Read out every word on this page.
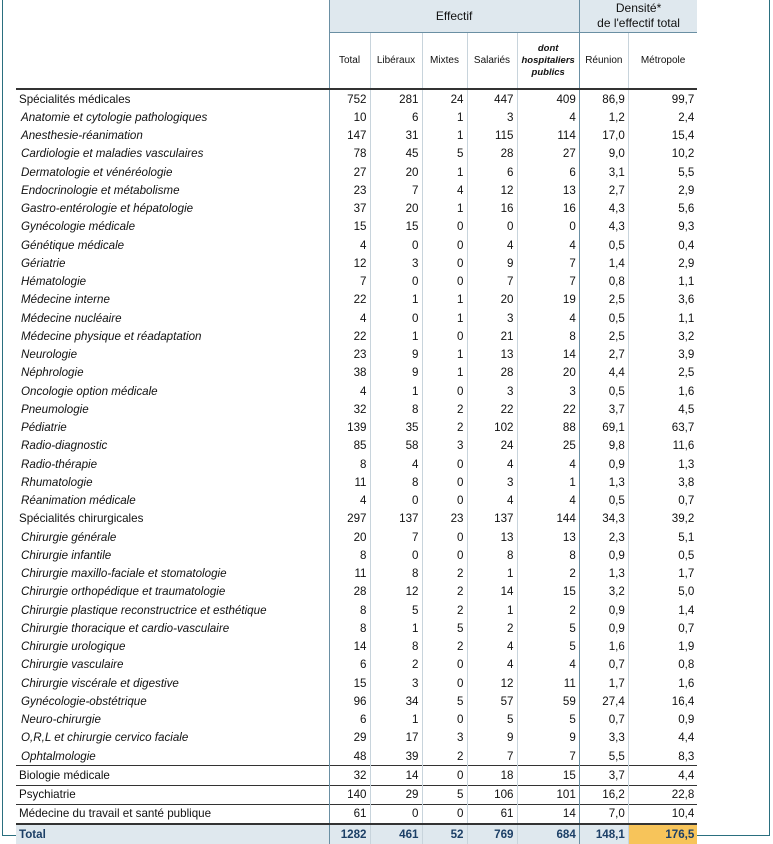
	Effectif					Densité*
de l'effectif total	

	Total	Libéraux	Mixtes	Salariés	dont hospitaliers publics	Réunion	Métropole
Spécialités médicales	752	281	24	447	409	86,9	99,7
Anatomie et cytologie pathologiques	10	6	1	3	4	1,2	2,4
Anesthesie-réanimation	147	31	1	115	114	17,0	15,4
Cardiologie et maladies vasculaires	78	45	5	28	27	9,0	10,2
Dermatologie et vénéréologie	27	20	1	6	6	3,1	5,5
Endocrinologie et métabolisme	23	7	4	12	13	2,7	2,9
Gastro-entérologie et hépatologie	37	20	1	16	16	4,3	5,6
Gynécologie médicale	15	15	0	0	0	4,3	9,3
Génétique médicale	4	0	0	4	4	0,5	0,4
Gériatrie	12	3	0	9	7	1,4	2,9
Hématologie	7	0	0	7	7	0,8	1,1
Médecine interne	22	1	1	20	19	2,5	3,6
Médecine nucléaire	4	0	1	3	4	0,5	1,1
Médecine physique et réadaptation	22	1	0	21	8	2,5	3,2
Neurologie	23	9	1	13	14	2,7	3,9
Néphrologie	38	9	1	28	20	4,4	2,5
Oncologie option médicale	4	1	0	3	3	0,5	1,6
Pneumologie	32	8	2	22	22	3,7	4,5
Pédiatrie	139	35	2	102	88	69,1	63,7
Radio-diagnostic	85	58	3	24	25	9,8	11,6
Radio-thérapie	8	4	0	4	4	0,9	1,3
Rhumatologie	11	8	0	3	1	1,3	3,8
Réanimation médicale	4	0	0	4	4	0,5	0,7
Spécialités chirurgicales	297	137	23	137	144	34,3	39,2
Chirurgie générale	20	7	0	13	13	2,3	5,1
Chirurgie infantile	8	0	0	8	8	0,9	0,5
Chirurgie maxillo-faciale et stomatologie	11	8	2	1	2	1,3	1,7
Chirurgie orthopédique et traumatologie	28	12	2	14	15	3,2	5,0
Chirurgie plastique reconstructrice et esthétique	8	5	2	1	2	0,9	1,4
Chirurgie thoracique et cardio-vasculaire	8	1	5	2	5	0,9	0,7
Chirurgie urologique	14	8	2	4	5	1,6	1,9
Chirurgie vasculaire	6	2	0	4	4	0,7	0,8
Chirurgie viscérale et digestive	15	3	0	12	11	1,7	1,6
Gynécologie-obstétrique	96	34	5	57	59	27,4	16,4
Neuro-chirurgie	6	1	0	5	5	0,7	0,9
O,R,L et chirurgie cervico faciale	29	17	3	9	9	3,3	4,4
Ophtalmologie	48	39	2	7	7	5,5	8,3
Biologie médicale	32	14	0	18	15	3,7	4,4
Psychiatrie	140	29	5	106	101	16,2	22,8
Médecine du travail et santé publique	61	0	0	61	14	7,0	10,4
Total	1282	461	52	769	684	148,1	176,5
